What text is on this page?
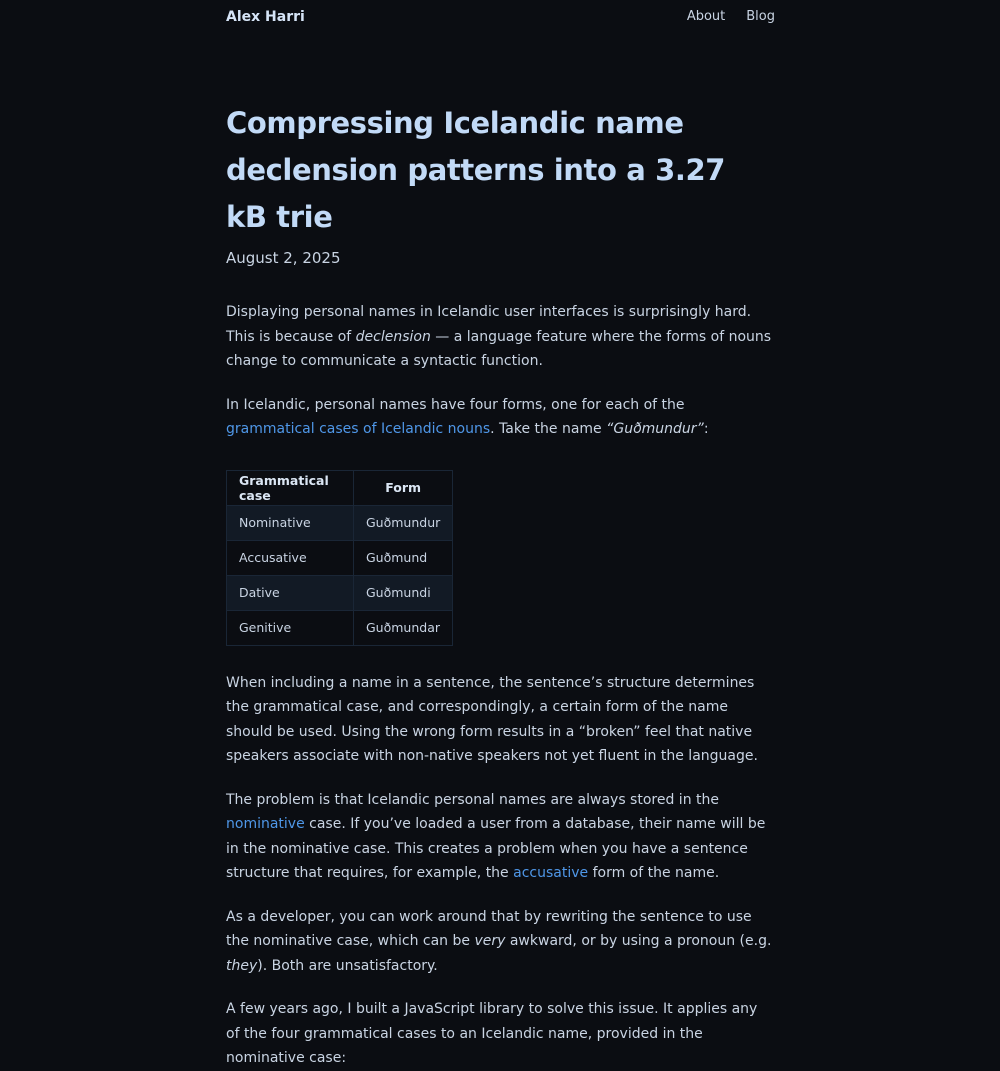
Alex Harri	About Blog
Compressing Icelandic name declension patterns into a 3.27 kB trie
August 2, 2025

Displaying personal names in Icelandic user interfaces is surprisingly hard. This is because of declension — a language feature where the forms of nouns change to communicate a syntactic function.

In Icelandic, personal names have four forms, one for each of the grammatical cases of Icelandic nouns. Take the name “Guðmundur”:

Grammatical case	Form
Nominative	Guðmundur
Accusative	Guðmund
Dative	Guðmundi
Genitive	Guðmundar

When including a name in a sentence, the sentence’s structure determines the grammatical case, and correspondingly, a certain form of the name should be used. Using the wrong form results in a “broken” feel that native speakers associate with non-native speakers not yet fluent in the language.

The problem is that Icelandic personal names are always stored in the nominative case. If you’ve loaded a user from a database, their name will be in the nominative case. This creates a problem when you have a sentence structure that requires, for example, the accusative form of the name.

As a developer, you can work around that by rewriting the sentence to use the nominative case, which can be very awkward, or by using a pronoun (e.g. they). Both are unsatisfactory.

A few years ago, I built a JavaScript library to solve this issue. It applies any of the four grammatical cases to an Icelandic name, provided in the nominative case:
